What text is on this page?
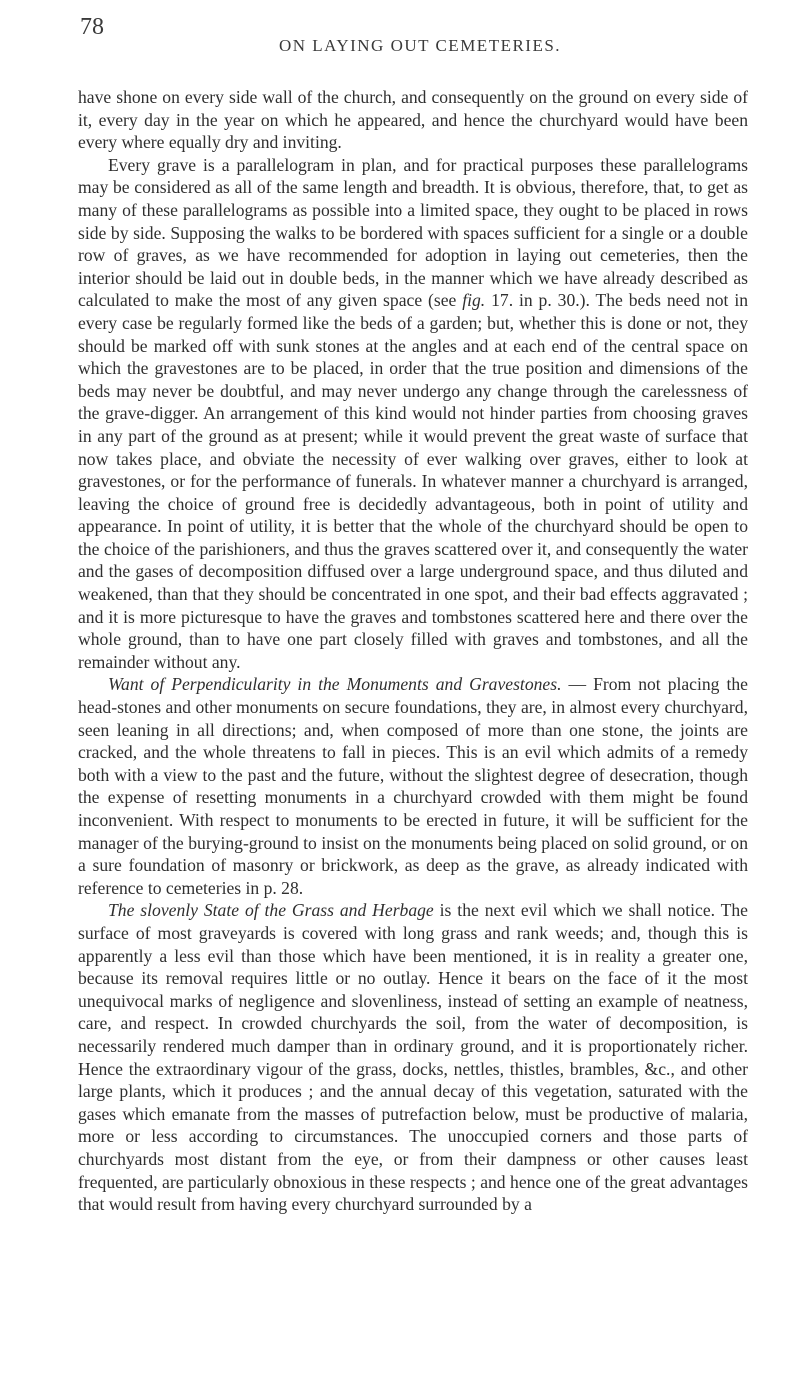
78
ON LAYING OUT CEMETERIES.

have shone on every side wall of the church, and consequently on the ground on every side of it, every day in the year on which he appeared, and hence the churchyard would have been every where equally dry and inviting.

Every grave is a parallelogram in plan, and for practical purposes these parallelograms may be considered as all of the same length and breadth. It is obvious, therefore, that, to get as many of these parallelograms as possible into a limited space, they ought to be placed in rows side by side. Supposing the walks to be bordered with spaces sufficient for a single or a double row of graves, as we have recommended for adoption in laying out cemeteries, then the interior should be laid out in double beds, in the manner which we have already described as calculated to make the most of any given space (see fig. 17. in p. 30.). The beds need not in every case be regularly formed like the beds of a garden; but, whether this is done or not, they should be marked off with sunk stones at the angles and at each end of the central space on which the gravestones are to be placed, in order that the true position and dimensions of the beds may never be doubtful, and may never undergo any change through the carelessness of the grave-digger. An arrangement of this kind would not hinder parties from choosing graves in any part of the ground as at present; while it would prevent the great waste of surface that now takes place, and obviate the necessity of ever walking over graves, either to look at gravestones, or for the performance of funerals. In whatever manner a churchyard is arranged, leaving the choice of ground free is decidedly advantageous, both in point of utility and appearance. In point of utility, it is better that the whole of the churchyard should be open to the choice of the parishioners, and thus the graves scattered over it, and consequently the water and the gases of decomposition diffused over a large underground space, and thus diluted and weakened, than that they should be concentrated in one spot, and their bad effects aggravated ; and it is more picturesque to have the graves and tombstones scattered here and there over the whole ground, than to have one part closely filled with graves and tombstones, and all the remainder without any.

Want of Perpendicularity in the Monuments and Gravestones. — From not placing the head-stones and other monuments on secure foundations, they are, in almost every churchyard, seen leaning in all directions; and, when composed of more than one stone, the joints are cracked, and the whole threatens to fall in pieces. This is an evil which admits of a remedy both with a view to the past and the future, without the slightest degree of desecration, though the expense of resetting monuments in a churchyard crowded with them might be found inconvenient. With respect to monuments to be erected in future, it will be sufficient for the manager of the burying-ground to insist on the monuments being placed on solid ground, or on a sure foundation of masonry or brickwork, as deep as the grave, as already indicated with reference to cemeteries in p. 28.

The slovenly State of the Grass and Herbage is the next evil which we shall notice. The surface of most graveyards is covered with long grass and rank weeds; and, though this is apparently a less evil than those which have been mentioned, it is in reality a greater one, because its removal requires little or no outlay. Hence it bears on the face of it the most unequivocal marks of negligence and slovenliness, instead of setting an example of neatness, care, and respect. In crowded churchyards the soil, from the water of decomposition, is necessarily rendered much damper than in ordinary ground, and it is proportionately richer. Hence the extraordinary vigour of the grass, docks, nettles, thistles, brambles, &c., and other large plants, which it produces ; and the annual decay of this vegetation, saturated with the gases which emanate from the masses of putrefaction below, must be productive of malaria, more or less according to circumstances. The unoccupied corners and those parts of churchyards most distant from the eye, or from their dampness or other causes least frequented, are particularly obnoxious in these respects ; and hence one of the great advantages that would result from having every churchyard surrounded by a
